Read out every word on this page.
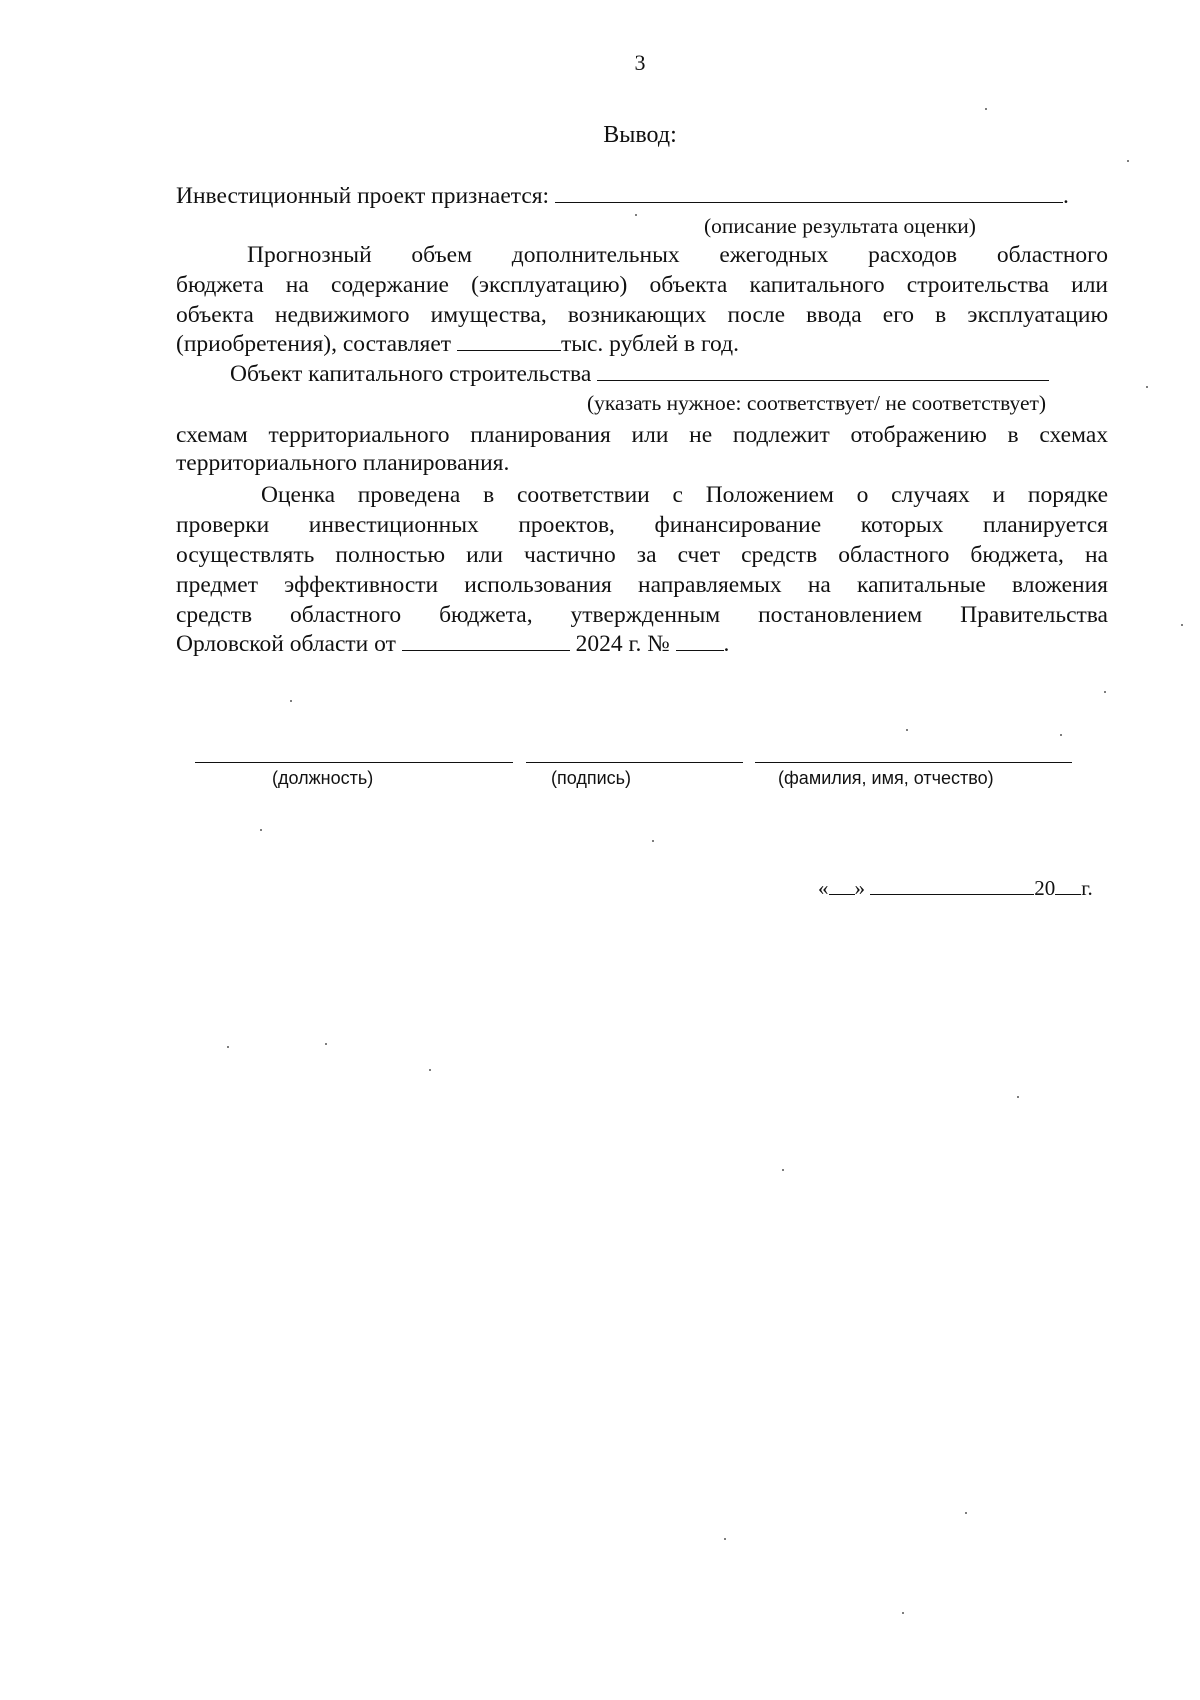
3
Вывод:
Инвестиционный проект признается:	.
(описание результата оценки)
Прогнозный объем дополнительных ежегодных расходов областного
бюджета на содержание (эксплуатацию) объекта капитального строительства или
объекта недвижимого имущества, возникающих после ввода его в эксплуатацию
(приобретения), составляет	тыс. рублей в год.
Объект капитального строительства
(указать нужное: соответствует/ не соответствует)
схемам территориального планирования или не подлежит отображению в схемах
территориального планирования.
Оценка проведена в соответствии с Положением о случаях и порядке
проверки инвестиционных проектов, финансирование которых планируется
осуществлять полностью или частично за счет средств областного бюджета, на
предмет эффективности использования направляемых на капитальные вложения
средств областного бюджета, утвержденным постановлением Правительства
Орловской области от	2024 г. № .
(должность)	(подпись)	(фамилия, имя, отчество)
« »	20 г.
